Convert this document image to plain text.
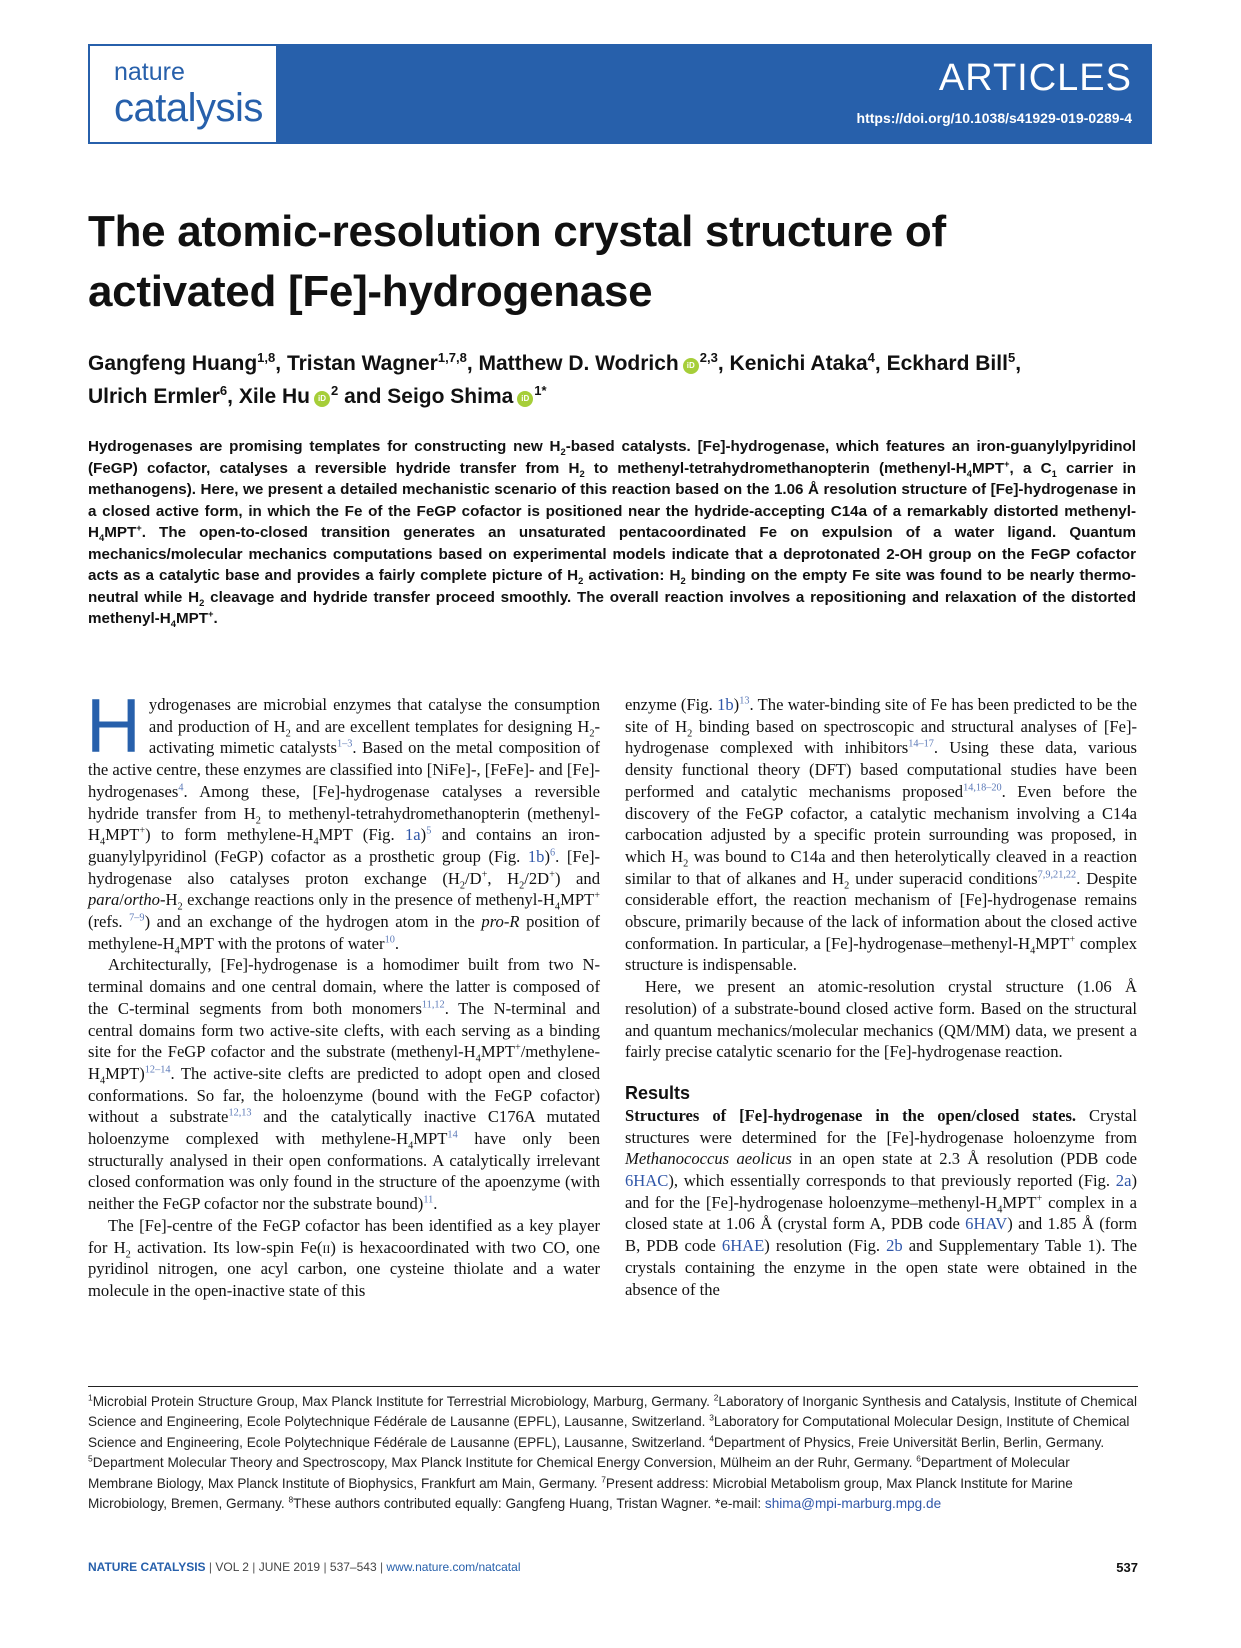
nature
catalysis
ARTICLES
https://doi.org/10.1038/s41929-019-0289-4
The atomic-resolution crystal structure of
activated [Fe]-hydrogenase
Gangfeng Huang$^{1,8}$, Tristan Wagner$^{1,7,8}$, Matthew D. Wodrich iD$^{2,3}$, Kenichi Ataka$^4$, Eckhard Bill$^5$,
Ulrich Ermler$^6$, Xile Hu $iD^2$ and Seigo Shima $iD^{1*}$

Hydrogenases are promising templates for constructing new $H_2$-based catalysts. [Fe]-hydrogenase, which features an iron-guanylylpyridinol (FeGP) cofactor, catalyses a reversible hydride transfer from $H_2$ to methenyl-tetrahydromethanopterin ($methenyl-H_4MPT^+$, a $C_1$ carrier in methanogens). Here, we present a detailed mechanistic scenario of this reaction based on the 1.06 Å resolution structure of [Fe]-hydrogenase in a closed active form, in which the Fe of the FeGP cofactor is positioned near the hydride-accepting C14a of a remarkably distorted methenyl-$H_4MPT^+$. The open-to-closed transition generates an unsaturated pentacoordinated Fe on expulsion of a water ligand. Quantum mechanics/molecular mechanics computations based on experimental models indicate that a deprotonated 2-OH group on the FeGP cofactor acts as a catalytic base and provides a fairly complete picture of $H_2$ activation: $H_2$ binding on the empty Fe site was found to be nearly thermo-neutral while $H_2$ cleavage and hydride transfer proceed smoothly. The overall reaction involves a repositioning and relaxation of the distorted methenyl-$H_4MPT^+$.

Hydrogenases are microbial enzymes that catalyse the consumption and production of $H_2$ and are excellent templates for designing $H_2$-activating mimetic catalysts$^{1-3}$. Based on the metal composition of the active centre, these enzymes are classified into [NiFe]-, [FeFe]- and [Fe]-hydrogenases$^4$. Among these, [Fe]-hydrogenase catalyses a reversible hydride transfer from $H_2$ to methenyl-tetrahydromethanopterin $(methenyl-H_4MPT^+)$ to form methylene-$H_4MPT$ (Fig. 1a)$^5$ and contains an iron-guanylylpyridinol (FeGP) cofactor as a prosthetic group (Fig. 1b)$^6$. [Fe]-hydrogenase also catalyses proton exchange ($H_2/D^+$, $H_2/2D^+$) and para/$ortho-H_2$ exchange reactions only in the presence of methenyl-$H_4MPT^+$ (refs. $^{7-9}$) and an exchange of the hydrogen atom in the pro-R position of methylene-$H_4MPT$ with the protons of water$^{10}$.

Architecturally, [Fe]-hydrogenase is a homodimer built from two N-terminal domains and one central domain, where the latter is composed of the C-terminal segments from both monomers$^{11,12}$. The N-terminal and central domains form two active-site clefts, with each serving as a binding site for the FeGP cofactor and the substrate $(methenyl-H_4MPT^+/methylene-H_4MPT)^{12-14}$. The active-site clefts are predicted to adopt open and closed conformations. So far, the holoenzyme (bound with the FeGP cofactor) without a substrate$^{12,13}$ and the catalytically inactive C176A mutated holoenzyme complexed with methylene-$H_4MPT^{14}$ have only been structurally analysed in their open conformations. A catalytically irrelevant closed conformation was only found in the structure of the apoenzyme (with neither the FeGP cofactor nor the substrate bound)$^{11}$.

The [Fe]-centre of the FeGP cofactor has been identified as a key player for $H_2$ activation. Its low-spin Fe(ii) is hexacoordinated with two CO, one pyridinol nitrogen, one acyl carbon, one cysteine thiolate and a water molecule in the open-inactive state of this

enzyme (Fig. 1b)$^{13}$. The water-binding site of Fe has been predicted to be the site of $H_2$ binding based on spectroscopic and structural analyses of [Fe]-hydrogenase complexed with inhibitors$^{14-17}$. Using these data, various density functional theory (DFT) based computational studies have been performed and catalytic mechanisms proposed$^{14,18-20}$. Even before the discovery of the FeGP cofactor, a catalytic mechanism involving a C14a carbocation adjusted by a specific protein surrounding was proposed, in which $H_2$ was bound to C14a and then heterolytically cleaved in a reaction similar to that of alkanes and $H_2$ under superacid conditions$^{7,9,21,22}$. Despite considerable effort, the reaction mechanism of [Fe]-hydrogenase remains obscure, primarily because of the lack of information about the closed active conformation. In particular, a $[Fe]-hydrogenase-methenyl-H_4MPT^+$ complex structure is indispensable.

Here, we present an atomic-resolution crystal structure (1.06 Å resolution) of a substrate-bound closed active form. Based on the structural and quantum mechanics/molecular mechanics (QM/MM) data, we present a fairly precise catalytic scenario for the [Fe]-hydrogenase reaction.

Results

Structures of [Fe]-hydrogenase in the open/closed states. Crystal structures were determined for the [Fe]-hydrogenase holoenzyme from Methanococcus aeolicus in an open state at 2.3 Å resolution (PDB code 6HAC), which essentially corresponds to that previously reported (Fig. 2a) and for the [Fe]-hydrogenase holoenzyme–$methenyl-H_4MPT^+$ complex in a closed state at 1.06 Å (crystal form A, PDB code 6HAV) and 1.85 Å (form B, PDB code 6HAE) resolution (Fig. 2b and Supplementary Table 1). The crystals containing the enzyme in the open state were obtained in the absence of the

$^1$Microbial Protein Structure Group, Max Planck Institute for Terrestrial Microbiology, Marburg, Germany. $^2$Laboratory of Inorganic Synthesis and Catalysis, Institute of Chemical Science and Engineering, Ecole Polytechnique Fédérale de Lausanne (EPFL), Lausanne, Switzerland. $^3$Laboratory for Computational Molecular Design, Institute of Chemical Science and Engineering, Ecole Polytechnique Fédérale de Lausanne (EPFL), Lausanne, Switzerland. $^4$Department of Physics, Freie Universität Berlin, Berlin, Germany. $^5$Department Molecular Theory and Spectroscopy, Max Planck Institute for Chemical Energy Conversion, Mülheim an der Ruhr, Germany. $^6$Department of Molecular Membrane Biology, Max Planck Institute of Biophysics, Frankfurt am Main, Germany. $^7$Present address: Microbial Metabolism group, Max Planck Institute for Marine Microbiology, Bremen, Germany. $^8$These authors contributed equally: Gangfeng Huang, Tristan Wagner. *e-mail: shima@mpi-marburg.mpg.de

NATURE CATALYSIS | VOL 2 | JUNE 2019 | 537–543 | www.nature.com/natcatal	537
